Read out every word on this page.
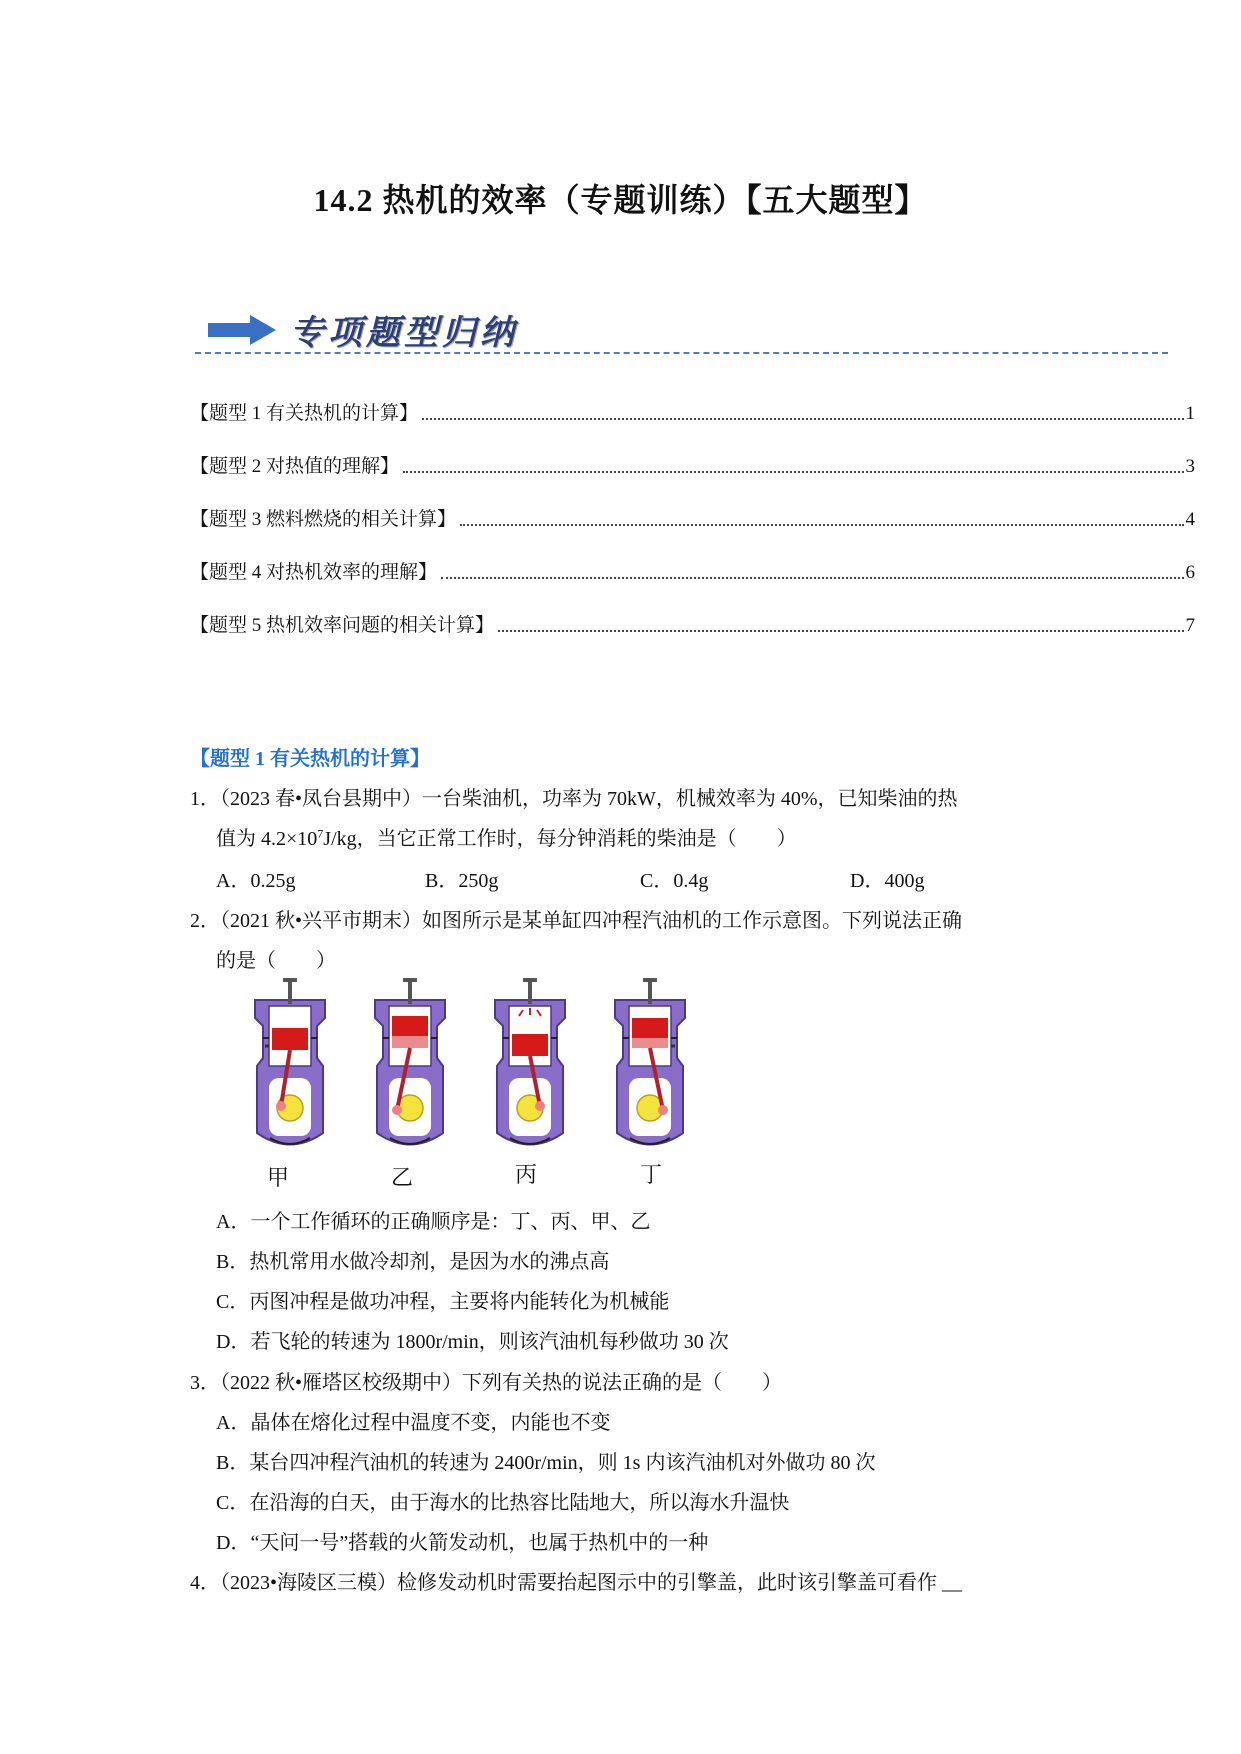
14.2 热机的效率（专题训练）【五大题型】
专项题型归纳
【题型 1 有关热机的计算】	1
【题型 2 对热值的理解】	3
【题型 3 燃料燃烧的相关计算】	4
【题型 4 对热机效率的理解】	6
【题型 5 热机效率问题的相关计算】	7
【题型 1 有关热机的计算】
1．（2023 春•凤台县期中）一台柴油机，功率为 70kW，机械效率为 40%，已知柴油的热
值为 $4.2\times 10^7J/kg$，当它正常工作时，每分钟消耗的柴油是（　　）
A．0.25g	B．250g	C．0.4g	D．400g
2．（2021 秋•兴平市期末）如图所示是某单缸四冲程汽油机的工作示意图。下列说法正确
的是（　　）
甲	乙	丙	丁
A．一个工作循环的正确顺序是：丁、丙、甲、乙
B．热机常用水做冷却剂，是因为水的沸点高
C．丙图冲程是做功冲程，主要将内能转化为机械能
D．若飞轮的转速为 1800r/min，则该汽油机每秒做功 30 次
3．（2022 秋•雁塔区校级期中）下列有关热的说法正确的是（　　）
A．晶体在熔化过程中温度不变，内能也不变
B．某台四冲程汽油机的转速为 2400r/min，则 1s 内该汽油机对外做功 80 次
C．在沿海的白天，由于海水的比热容比陆地大，所以海水升温快
D．“天问一号”搭载的火箭发动机，也属于热机中的一种
4．（2023•海陵区三模）检修发动机时需要抬起图示中的引擎盖，此时该引擎盖可看作 __
